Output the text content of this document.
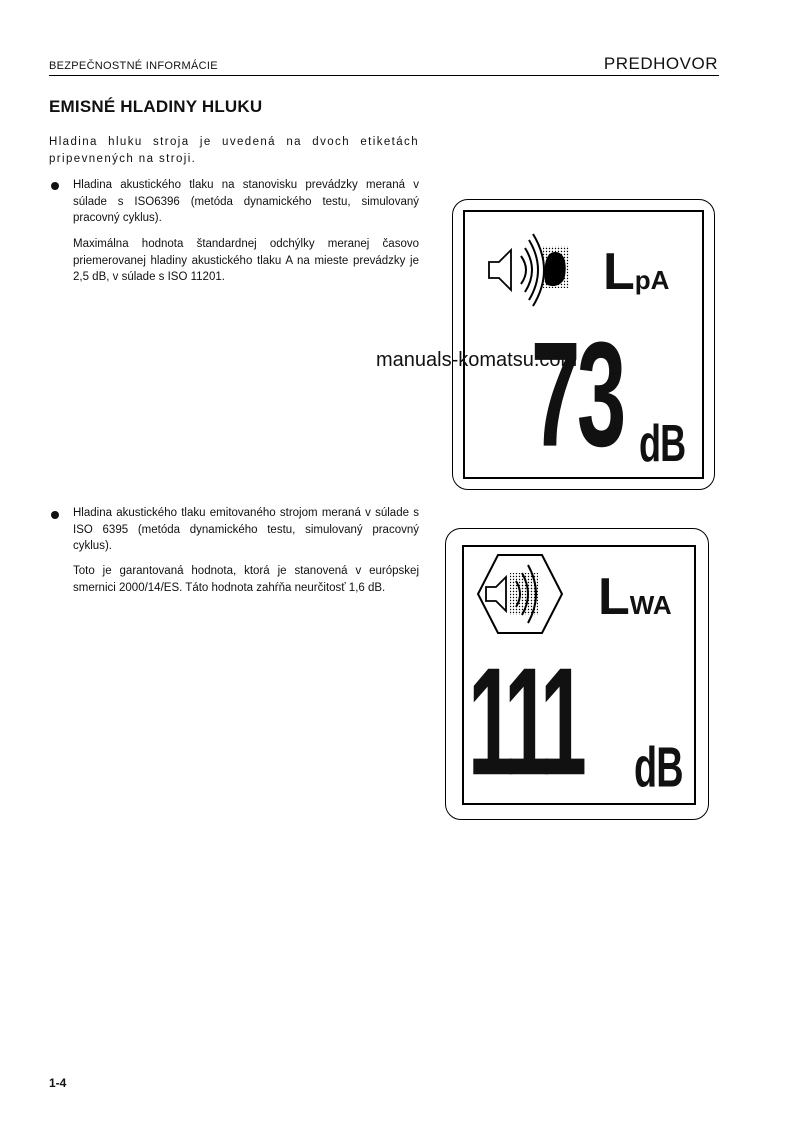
BEZPEČNOSTNÉ INFORMÁCIE	PREDHOVOR
EMISNÉ HLADINY HLUKU
Hladina hluku stroja je uvedená na dvoch etiketách pripevnených na stroji.
Hladina akustického tlaku na stanovisku prevádzky meraná v súlade s ISO6396 (metóda dynamického testu, simulovaný pracovný cyklus).
Maximálna hodnota štandardnej odchýlky meranej časovo priemerovanej hladiny akustického tlaku A na mieste prevádzky je 2,5 dB, v súlade s ISO 11201.
Hladina akustického tlaku emitovaného strojom meraná v súlade s ISO 6395 (metóda dynamického testu, simulovaný pracovný cyklus).
Toto je garantovaná hodnota, ktorá je stanovená v európskej smernici 2000/14/ES. Táto hodnota zahŕňa neurčitosť 1,6 dB.
LpA
73 dB
LWA
111 dB
manuals-komatsu.com
1-4
